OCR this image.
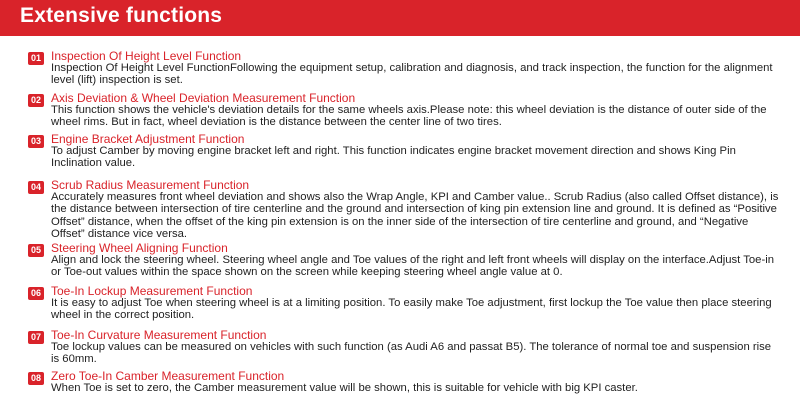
Extensive functions
01 Inspection Of Height Level Function
Inspection Of Height Level FunctionFollowing the equipment setup, calibration and diagnosis, and track inspection, the function for the alignment level (lift) inspection is set.
02 Axis Deviation & Wheel Deviation Measurement Function
This function shows the vehicle's deviation details for the same wheels axis.Please note: this wheel deviation is the distance of outer side of the wheel rims. But in fact, wheel deviation is the distance between the center line of two tires.
03 Engine Bracket Adjustment Function
To adjust Camber by moving engine bracket left and right. This function indicates engine bracket movement direction and shows King Pin Inclination value.
04 Scrub Radius Measurement Function
Accurately measures front wheel deviation and shows also the Wrap Angle, KPI and Camber value.. Scrub Radius (also called Offset distance), is the distance between intersection of tire centerline and the ground and intersection of king pin extension line and ground. It is defined as “Positive Offset” distance, when the offset of the king pin extension is on the inner side of the intersection of tire centerline and ground, and “Negative Offset” distance vice versa.
05 Steering Wheel Aligning Function
Align and lock the steering wheel. Steering wheel angle and Toe values of the right and left front wheels will display on the interface.Adjust Toe-in or Toe-out values within the space shown on the screen while keeping steering wheel angle value at 0.
06 Toe-In Lockup Measurement Function
It is easy to adjust Toe when steering wheel is at a limiting position. To easily make Toe adjustment, first lockup the Toe value then place steering wheel in the correct position.
07 Toe-In Curvature Measurement Function
Toe lockup values can be measured on vehicles with such function (as Audi A6 and passat B5). The tolerance of normal toe and suspension rise is 60mm.
08 Zero Toe-In Camber Measurement Function
When Toe is set to zero, the Camber measurement value will be shown, this is suitable for vehicle with big KPI caster.
